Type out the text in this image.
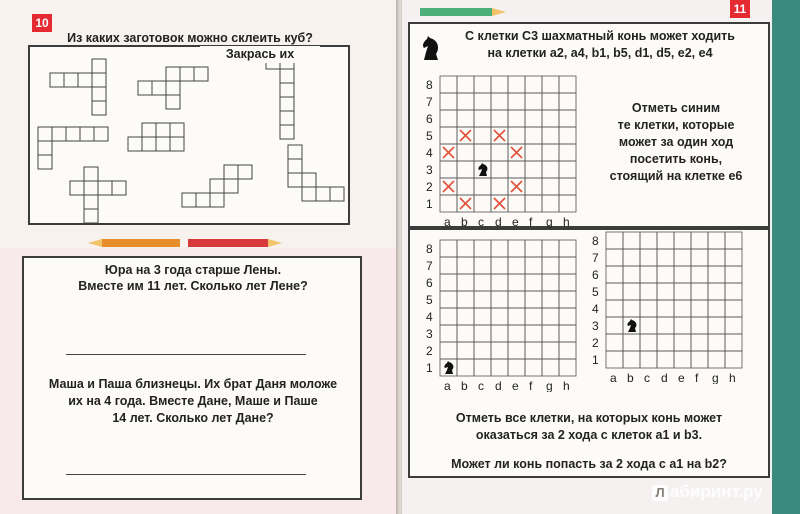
10
Из каких заготовок можно склеить куб?
Закрась их
Юра на 3 года старше Лены.
Вместе им 11 лет. Сколько лет Лене?
Маша и Паша близнецы. Их брат Даня моложе
их на 4 года. Вместе Дане, Маше и Паше
14 лет. Сколько лет Дане?
11
С клетки С3 шахматный конь может ходить
на клетки a2, a4, b1, b5, d1, d5, e2, e4
8
7
6
5
4
3
2
1
a b c d e f g h
Отметь синим
те клетки, которые
может за один ход
посетить конь,
стоящий на клетке е6
8
7
6
5
4
3
2
1
a b c d e f g h
8
7
6
5
4
3
2
1
a b c d e f g h
Отметь все клетки, на которых конь может
оказаться за 2 хода с клеток а1 и b3.
Может ли конь попасть за 2 хода с а1 на b2?
Л абиринт.ру
